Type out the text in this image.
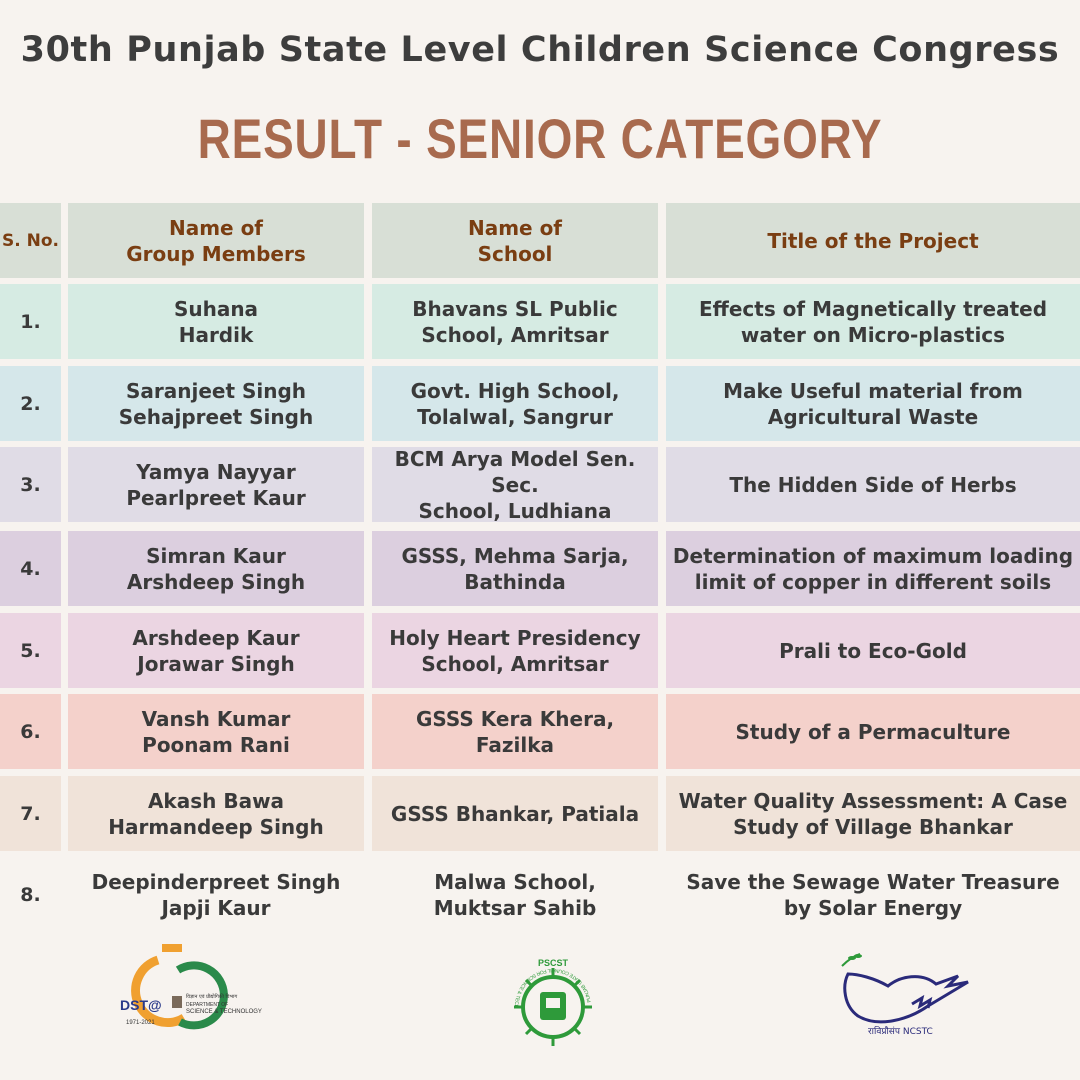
30th Punjab State Level Children Science Congress
RESULT - SENIOR CATEGORY
S. No.
Name of
Group Members
Name of
School
Title of the Project
1.
Suhana
Hardik
Bhavans SL Public
School, Amritsar
Effects of Magnetically treated
water on Micro-plastics
2.
Saranjeet Singh
Sehajpreet Singh
Govt. High School,
Tolalwal, Sangrur
Make Useful material from
Agricultural Waste
3.
Yamya Nayyar
Pearlpreet Kaur
BCM Arya Model Sen. Sec.
School, Ludhiana
The Hidden Side of Herbs
4.
Simran Kaur
Arshdeep Singh
GSSS, Mehma Sarja,
Bathinda
Determination of maximum loading
limit of copper in different soils
5.
Arshdeep Kaur
Jorawar Singh
Holy Heart Presidency
School, Amritsar
Prali to Eco-Gold
6.
Vansh Kumar
Poonam Rani
GSSS Kera Khera,
Fazilka
Study of a Permaculture
7.
Akash Bawa
Harmandeep Singh
GSSS Bhankar, Patiala
Water Quality Assessment: A Case
Study of Village Bhankar
8.
Deepinderpreet Singh
Japji Kaur
Malwa School,
Muktsar Sahib
Save the Sewage Water Treasure
by Solar Energy
DST@
1971-2021
विज्ञान एवं प्रौद्योगिकी विभाग
DEPARTMENT OF
SCIENCE & TECHNOLOGY
PSCST
PUNJAB STATE COUNCIL FOR SCIENCE & TECH
राविप्रौसंप NCSTC
